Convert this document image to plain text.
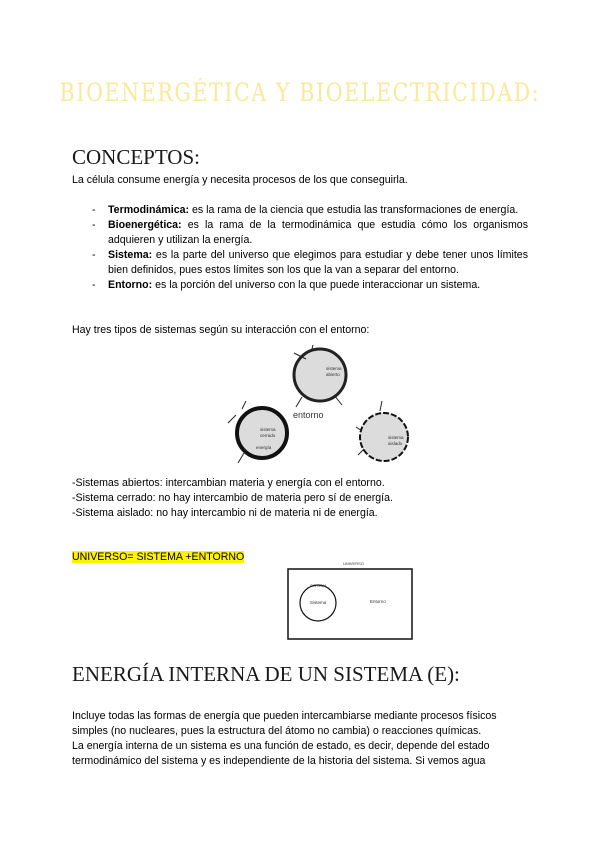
BIOENERGÉTICA Y BIOELECTRICIDAD:
CONCEPTOS:
La célula consume energía y necesita procesos de los que conseguirla.
- Termodinámica: es la rama de la ciencia que estudia las transformaciones de energía.
- Bioenergética: es la rama de la termodinámica que estudia cómo los organismos adquieren y utilizan la energía.
- Sistema: es la parte del universo que elegimos para estudiar y debe tener unos límites bien definidos, pues estos límites son los que la van a separar del entorno.
- Entorno: es la porción del universo con la que puede interaccionar un sistema.
Hay tres tipos de sistemas según su interacción con el entorno:
sistema
abierto
sistema
cerrado
energía
sistema
aislado
entorno
-Sistemas abiertos: intercambian materia y energía con el entorno.
-Sistema cerrado: no hay intercambio de materia pero sí de energía.
-Sistema aislado: no hay intercambio ni de materia ni de energía.
UNIVERSO= SISTEMA +ENTORNO
UNIVERSO
SISTEMA
Sistema	Entorno
ENERGÍA INTERNA DE UN SISTEMA (E):
Incluye todas las formas de energía que pueden intercambiarse mediante procesos físicos
simples (no nucleares, pues la estructura del átomo no cambia) o reacciones químicas.
La energía interna de un sistema es una función de estado, es decir, depende del estado
termodinámico del sistema y es independiente de la historia del sistema. Si vemos agua
